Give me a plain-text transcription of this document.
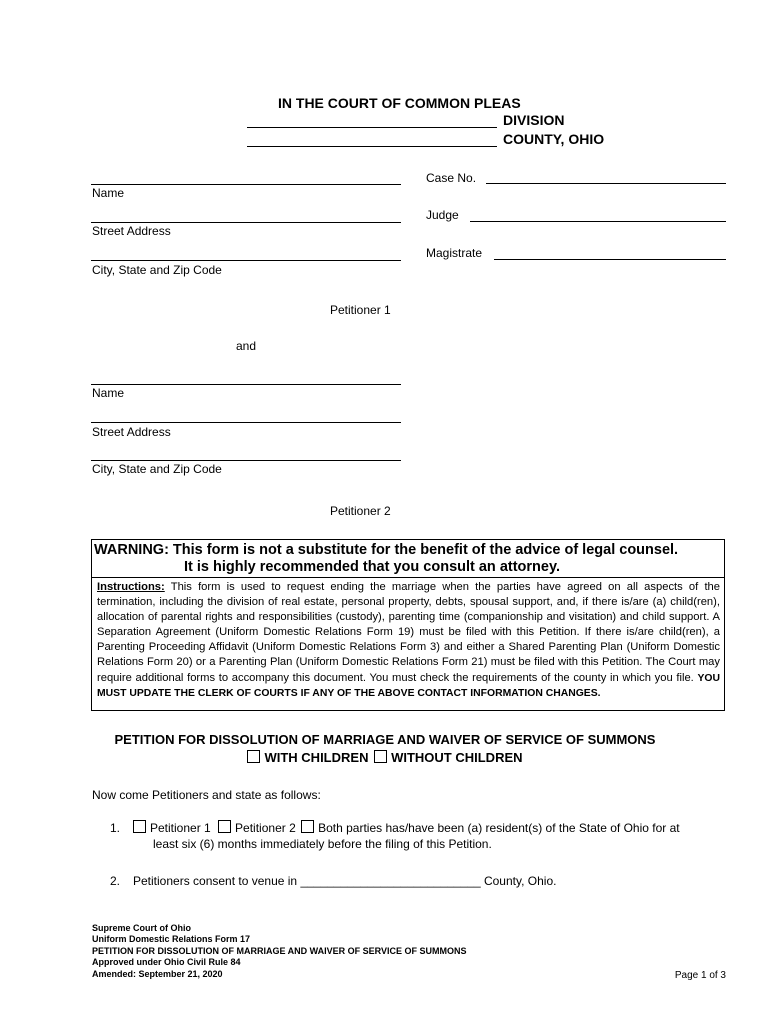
IN THE COURT OF COMMON PLEAS
DIVISION
COUNTY, OHIO
Name
Street Address
City, State and Zip Code
Petitioner 1
Case No.
Judge
Magistrate
and
Name
Street Address
City, State and Zip Code
Petitioner 2
WARNING: This form is not a substitute for the benefit of the advice of legal counsel.
It is highly recommended that you consult an attorney.
Instructions: This form is used to request ending the marriage when the parties have agreed on all aspects of the termination, including the division of real estate, personal property, debts, spousal support, and, if there is/are (a) child(ren), allocation of parental rights and responsibilities (custody), parenting time (companionship and visitation) and child support. A Separation Agreement (Uniform Domestic Relations Form 19) must be filed with this Petition. If there is/are child(ren), a Parenting Proceeding Affidavit (Uniform Domestic Relations Form 3) and either a Shared Parenting Plan (Uniform Domestic Relations Form 20) or a Parenting Plan (Uniform Domestic Relations Form 21) must be filed with this Petition. The Court may require additional forms to accompany this document. You must check the requirements of the county in which you file. YOU MUST UPDATE THE CLERK OF COURTS IF ANY OF THE ABOVE CONTACT INFORMATION CHANGES.
PETITION FOR DISSOLUTION OF MARRIAGE AND WAIVER OF SERVICE OF SUMMONS
WITH CHILDREN WITHOUT CHILDREN
Now come Petitioners and state as follows:
1.	Petitioner 1 Petitioner 2 Both parties has/have been (a) resident(s) of the State of Ohio for at
least six (6) months immediately before the filing of this Petition.
2. Petitioners consent to venue in ___________________________ County, Ohio.
Supreme Court of Ohio
Uniform Domestic Relations Form 17
PETITION FOR DISSOLUTION OF MARRIAGE AND WAIVER OF SERVICE OF SUMMONS
Approved under Ohio Civil Rule 84
Amended: September 21, 2020	Page 1 of 3
